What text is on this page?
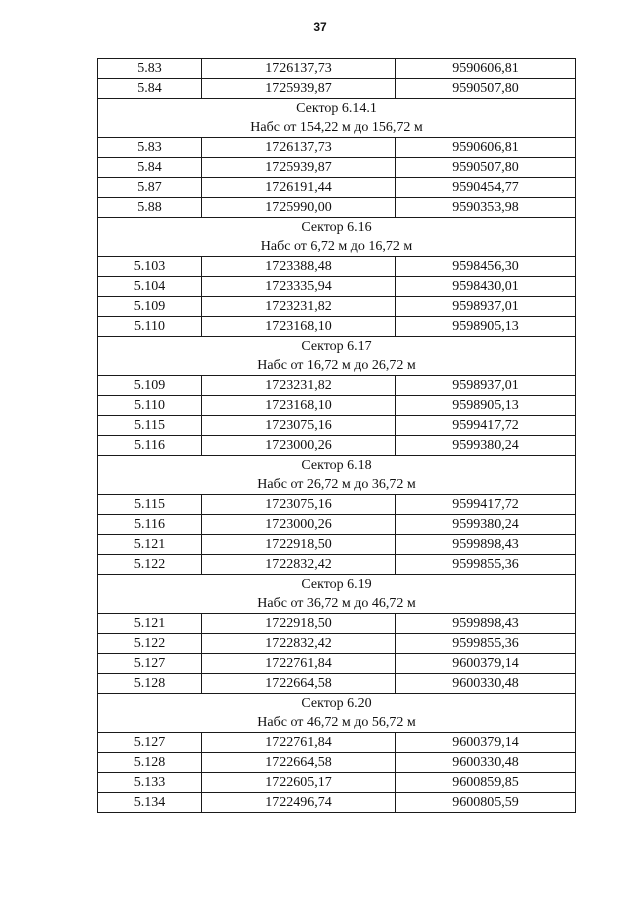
37
5.83	1726137,73	9590606,81
5.84	1725939,87	9590507,80

Сектор 6.14.1
Набс от 154,22 м до 156,72 м		

5.83	1726137,73	9590606,81
5.84	1725939,87	9590507,80
5.87	1726191,44	9590454,77
5.88	1725990,00	9590353,98

Сектор 6.16
Набс от 6,72 м до 16,72 м		

5.103	1723388,48	9598456,30
5.104	1723335,94	9598430,01
5.109	1723231,82	9598937,01
5.110	1723168,10	9598905,13

Сектор 6.17
Набс от 16,72 м до 26,72 м		

5.109	1723231,82	9598937,01
5.110	1723168,10	9598905,13
5.115	1723075,16	9599417,72
5.116	1723000,26	9599380,24

Сектор 6.18
Набс от 26,72 м до 36,72 м		

5.115	1723075,16	9599417,72
5.116	1723000,26	9599380,24
5.121	1722918,50	9599898,43
5.122	1722832,42	9599855,36

Сектор 6.19
Набс от 36,72 м до 46,72 м		

5.121	1722918,50	9599898,43
5.122	1722832,42	9599855,36
5.127	1722761,84	9600379,14
5.128	1722664,58	9600330,48

Сектор 6.20
Набс от 46,72 м до 56,72 м		

5.127	1722761,84	9600379,14
5.128	1722664,58	9600330,48
5.133	1722605,17	9600859,85
5.134	1722496,74	9600805,59
